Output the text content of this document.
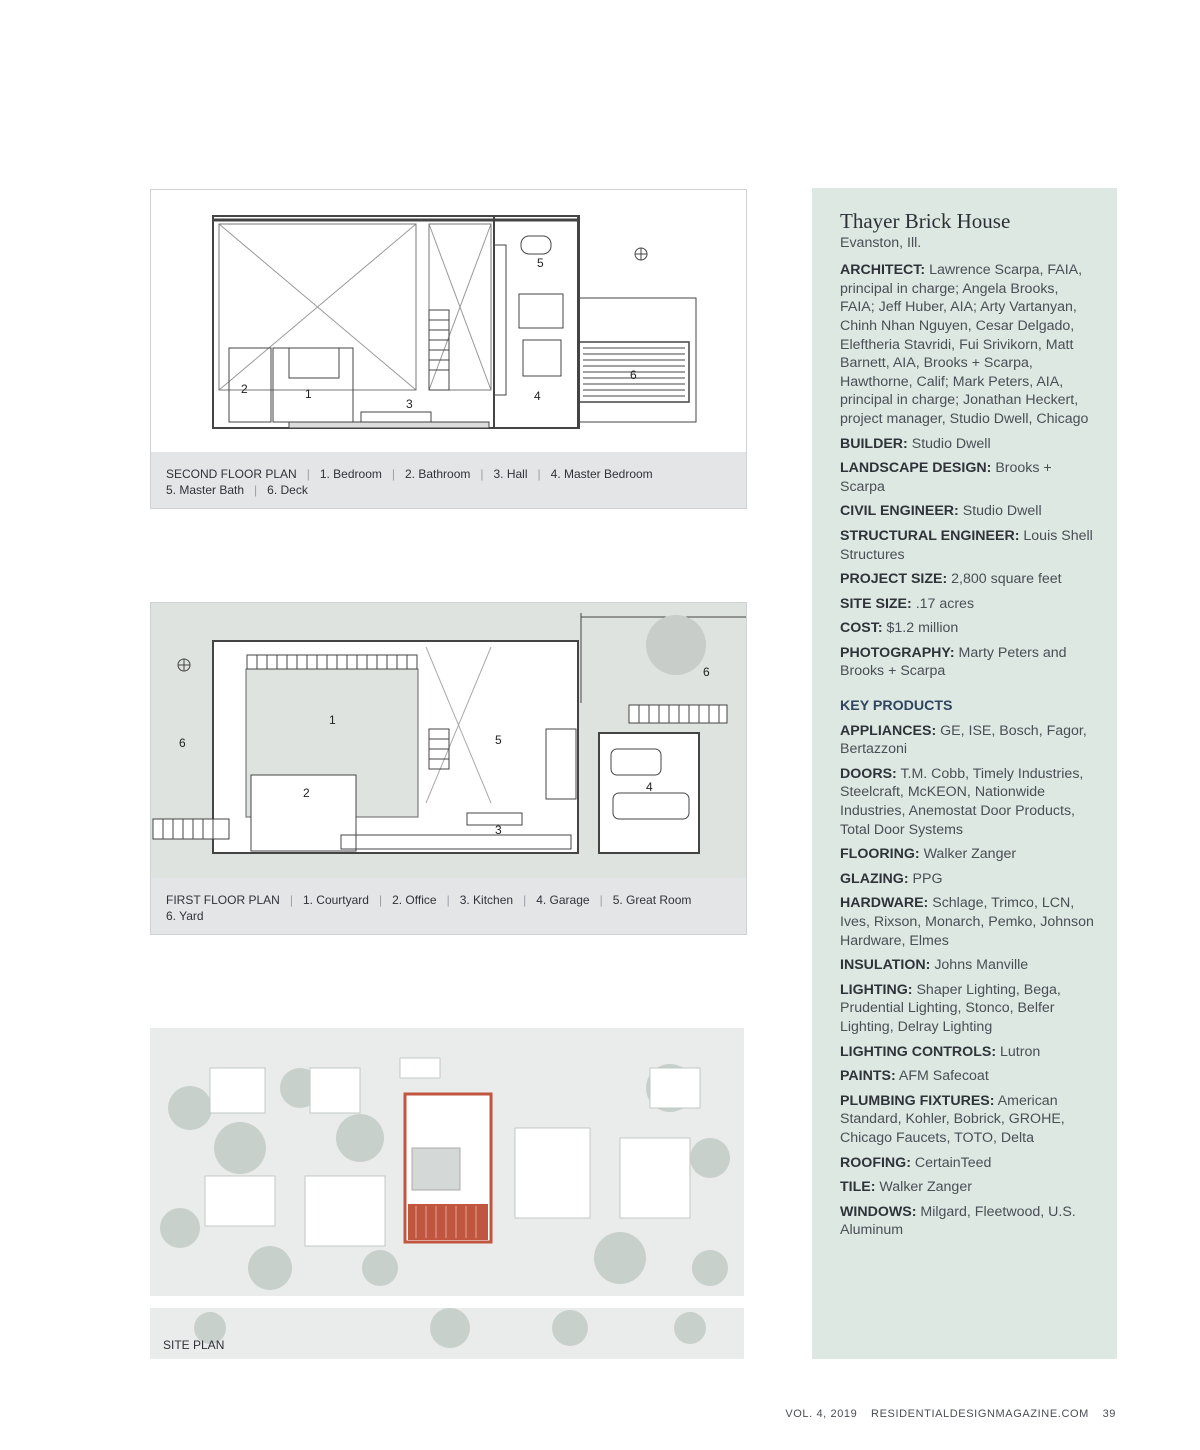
1
2
3
4
5
6
SECOND FLOOR PLAN | 1. Bedroom | 2. Bathroom | 3. Hall | 4. Master Bedroom
5. Master Bath | 6. Deck
1
2
3
4
5
6
6
FIRST FLOOR PLAN | 1. Courtyard | 2. Office | 3. Kitchen | 4. Garage | 5. Great Room
6. Yard
SITE PLAN
Thayer Brick House
Evanston, Ill.

ARCHITECT: Lawrence Scarpa, FAIA, principal in charge; Angela Brooks, FAIA; Jeff Huber, AIA; Arty Vartanyan, Chinh Nhan Nguyen, Cesar Delgado, Eleftheria Stavridi, Fui Srivikorn, Matt Barnett, AIA, Brooks + Scarpa, Hawthorne, Calif; Mark Peters, AIA, principal in charge; Jonathan Heckert, project manager, Studio Dwell, Chicago

BUILDER: Studio Dwell

LANDSCAPE DESIGN: Brooks + Scarpa

CIVIL ENGINEER: Studio Dwell

STRUCTURAL ENGINEER: Louis Shell Structures

PROJECT SIZE: 2,800 square feet

SITE SIZE: .17 acres

COST: $1.2 million

PHOTOGRAPHY: Marty Peters and Brooks + Scarpa

KEY PRODUCTS

APPLIANCES: GE, ISE, Bosch, Fagor, Bertazzoni

DOORS: T.M. Cobb, Timely Industries, Steelcraft, McKEON, Nationwide Industries, Anemostat Door Products, Total Door Systems

FLOORING: Walker Zanger

GLAZING: PPG

HARDWARE: Schlage, Trimco, LCN, Ives, Rixson, Monarch, Pemko, Johnson Hardware, Elmes

INSULATION: Johns Manville

LIGHTING: Shaper Lighting, Bega, Prudential Lighting, Stonco, Belfer Lighting, Delray Lighting

LIGHTING CONTROLS: Lutron

PAINTS: AFM Safecoat

PLUMBING FIXTURES: American Standard, Kohler, Bobrick, GROHE, Chicago Faucets, TOTO, Delta

ROOFING: CertainTeed

TILE: Walker Zanger

WINDOWS: Milgard, Fleetwood, U.S. Aluminum

VOL. 4, 2019 RESIDENTIALDESIGNMAGAZINE.COM 39
